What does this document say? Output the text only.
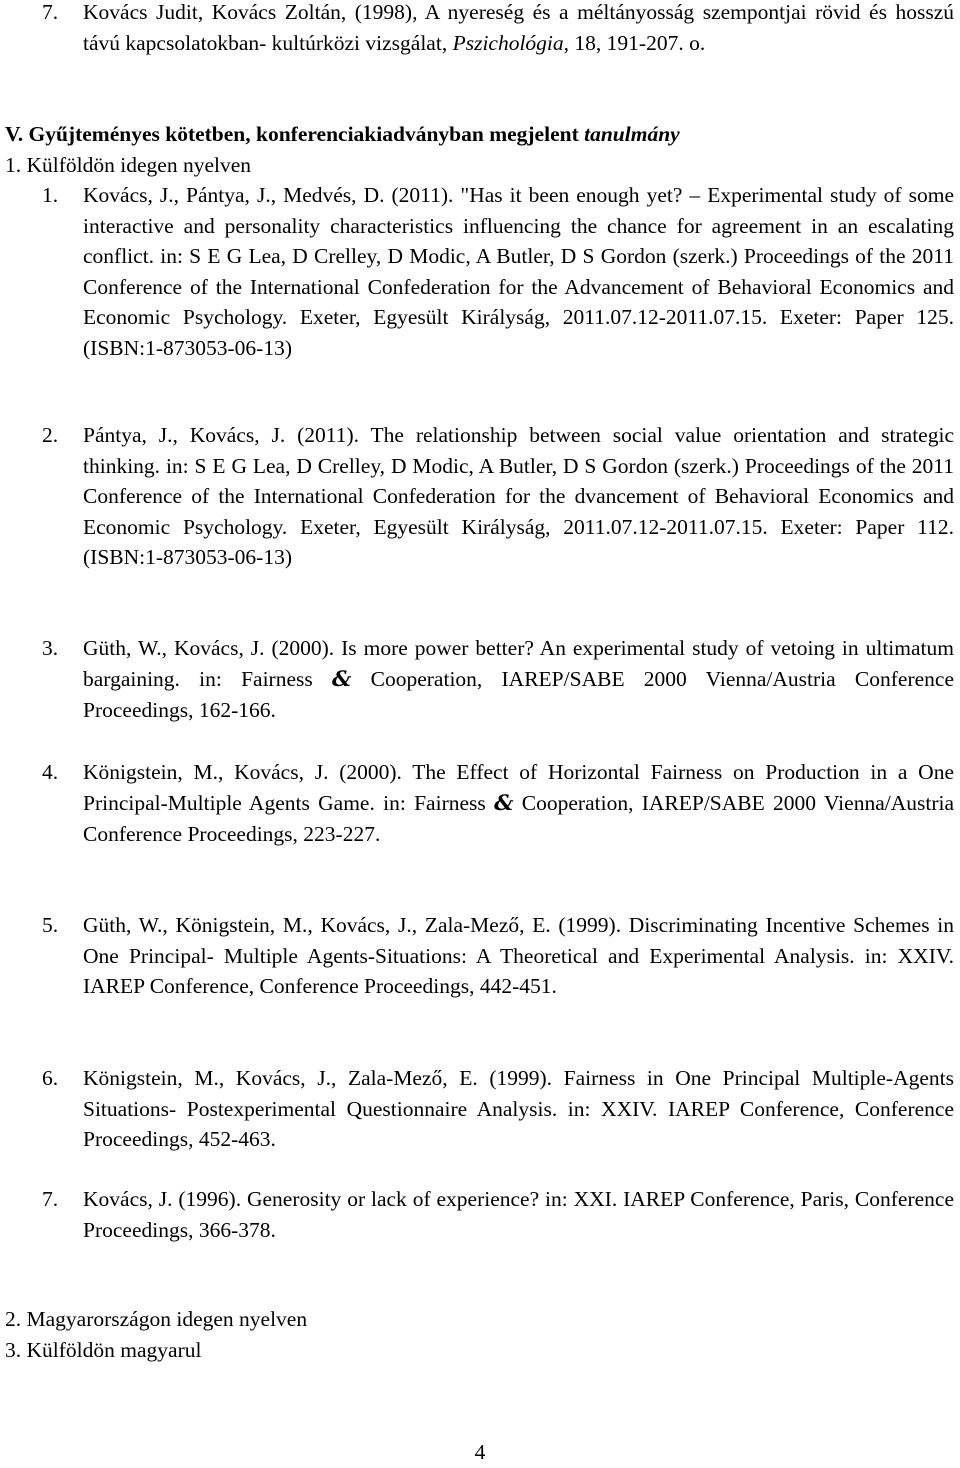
7.	Kovács Judit, Kovács Zoltán, (1998), A nyereség és a méltányosság szempontjai rövid és hosszú távú kapcsolatokban- kultúrközi vizsgálat, Pszichológia, 18, 191-207. o.
V. Gyűjteményes kötetben, konferenciakiadványban megjelent tanulmány
1. Külföldön idegen nyelven
1.	Kovács, J., Pántya, J., Medvés, D. (2011). "Has it been enough yet? – Experimental study of some interactive and personality characteristics influencing the chance for agreement in an escalating conflict. in: S E G Lea, D Crelley, D Modic, A Butler, D S Gordon (szerk.) Proceedings of the 2011 Conference of the International Confederation for the Advancement of Behavioral Economics and Economic Psychology. Exeter, Egyesült Királyság, 2011.07.12-2011.07.15. Exeter: Paper 125. (ISBN:1-873053-06-13)
2.	Pántya, J., Kovács, J. (2011). The relationship between social value orientation and strategic thinking. in: S E G Lea, D Crelley, D Modic, A Butler, D S Gordon (szerk.) Proceedings of the 2011 Conference of the International Confederation for the dvancement of Behavioral Economics and Economic Psychology. Exeter, Egyesült Királyság, 2011.07.12-2011.07.15. Exeter: Paper 112. (ISBN:1-873053-06-13)
3.	Güth, W., Kovács, J. (2000). Is more power better? An experimental study of vetoing in ultimatum bargaining. in: Fairness & Cooperation, IAREP/SABE 2000 Vienna/Austria Conference Proceedings, 162-166.
4.	Königstein, M., Kovács, J. (2000). The Effect of Horizontal Fairness on Production in a One Principal-Multiple Agents Game. in: Fairness & Cooperation, IAREP/SABE 2000 Vienna/Austria Conference Proceedings, 223-227.
5.	Güth, W., Königstein, M., Kovács, J., Zala-Mező, E. (1999). Discriminating Incentive Schemes in One Principal- Multiple Agents-Situations: A Theoretical and Experimental Analysis. in: XXIV. IAREP Conference, Conference Proceedings, 442-451.
6.	Königstein, M., Kovács, J., Zala-Mező, E. (1999). Fairness in One Principal Multiple-Agents Situations- Postexperimental Questionnaire Analysis. in: XXIV. IAREP Conference, Conference Proceedings, 452-463.
7.	Kovács, J. (1996). Generosity or lack of experience? in: XXI. IAREP Conference, Paris, Conference Proceedings, 366-378.
2. Magyarországon idegen nyelven
3. Külföldön magyarul
4
